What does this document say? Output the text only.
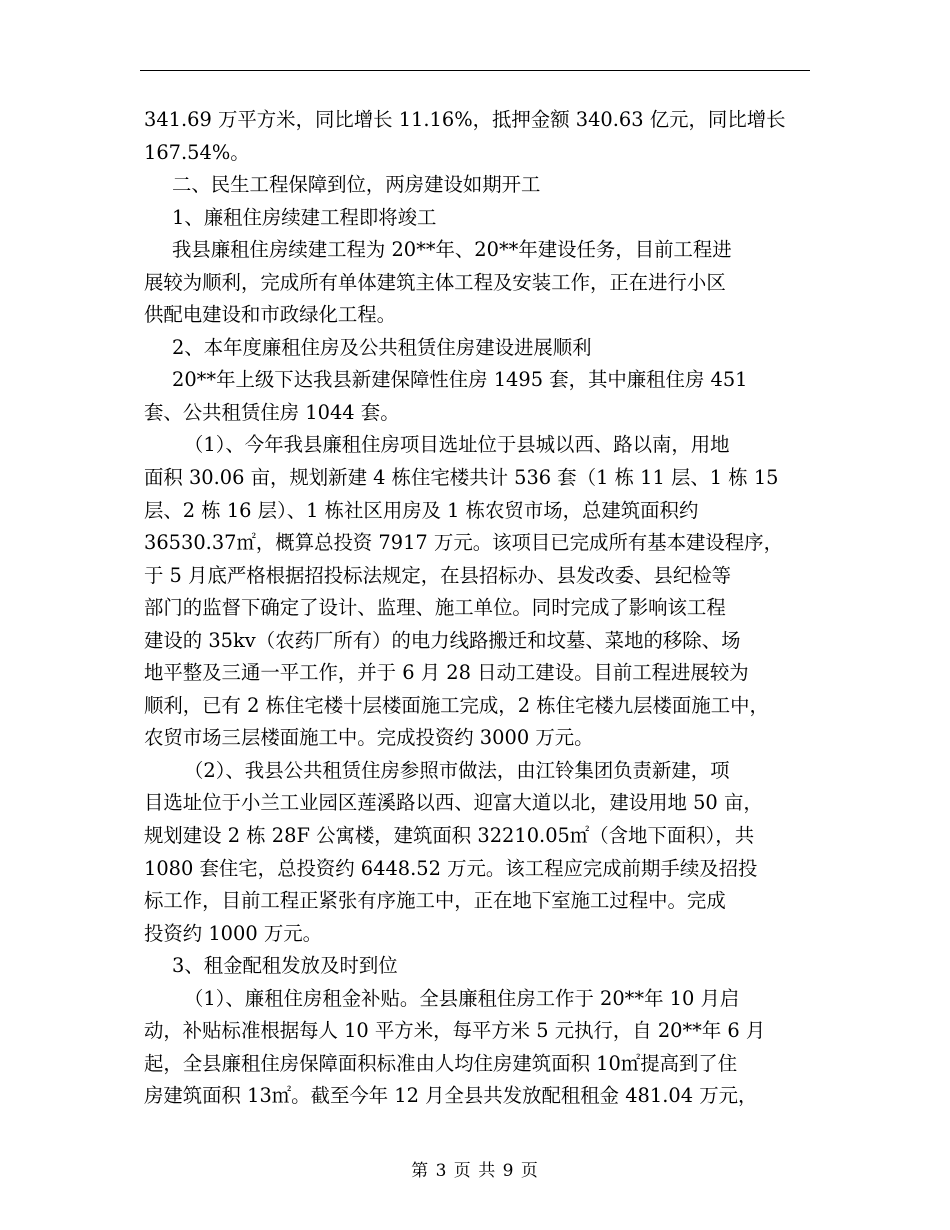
341.69 万平方米，同比增长 11.16%，抵押金额 340.63 亿元，同比增长
167.54%。

二、民生工程保障到位，两房建设如期开工

1、廉租住房续建工程即将竣工

我县廉租住房续建工程为 20**年、20**年建设任务，目前工程进
展较为顺利，完成所有单体建筑主体工程及安装工作，正在进行小区
供配电建设和市政绿化工程。

2、本年度廉租住房及公共租赁住房建设进展顺利

20**年上级下达我县新建保障性住房 1495 套，其中廉租住房 451
套、公共租赁住房 1044 套。

（1）、今年我县廉租住房项目选址位于县城以西、路以南，用地
面积 30.06 亩，规划新建 4 栋住宅楼共计 536 套（1 栋 11 层、1 栋 15
层、2 栋 16 层）、1 栋社区用房及 1 栋农贸市场，总建筑面积约
36530.37㎡，概算总投资 7917 万元。该项目已完成所有基本建设程序，
于 5 月底严格根据招投标法规定，在县招标办、县发改委、县纪检等
部门的监督下确定了设计、监理、施工单位。同时完成了影响该工程
建设的 35kv（农药厂所有）的电力线路搬迁和坟墓、菜地的移除、场
地平整及三通一平工作，并于 6 月 28 日动工建设。目前工程进展较为
顺利，已有 2 栋住宅楼十层楼面施工完成，2 栋住宅楼九层楼面施工中，
农贸市场三层楼面施工中。完成投资约 3000 万元。

（2）、我县公共租赁住房参照市做法，由江铃集团负责新建，项
目选址位于小兰工业园区莲溪路以西、迎富大道以北，建设用地 50 亩，
规划建设 2 栋 28F 公寓楼，建筑面积 32210.05㎡（含地下面积），共
1080 套住宅，总投资约 6448.52 万元。该工程应完成前期手续及招投
标工作，目前工程正紧张有序施工中，正在地下室施工过程中。完成
投资约 1000 万元。

3、租金配租发放及时到位

（1）、廉租住房租金补贴。全县廉租住房工作于 20**年 10 月启
动，补贴标准根据每人 10 平方米，每平方米 5 元执行，自 20**年 6 月
起，全县廉租住房保障面积标准由人均住房建筑面积 10㎡提高到了住
房建筑面积 13㎡。截至今年 12 月全县共发放配租租金 481.04 万元，

第 3 页 共 9 页
